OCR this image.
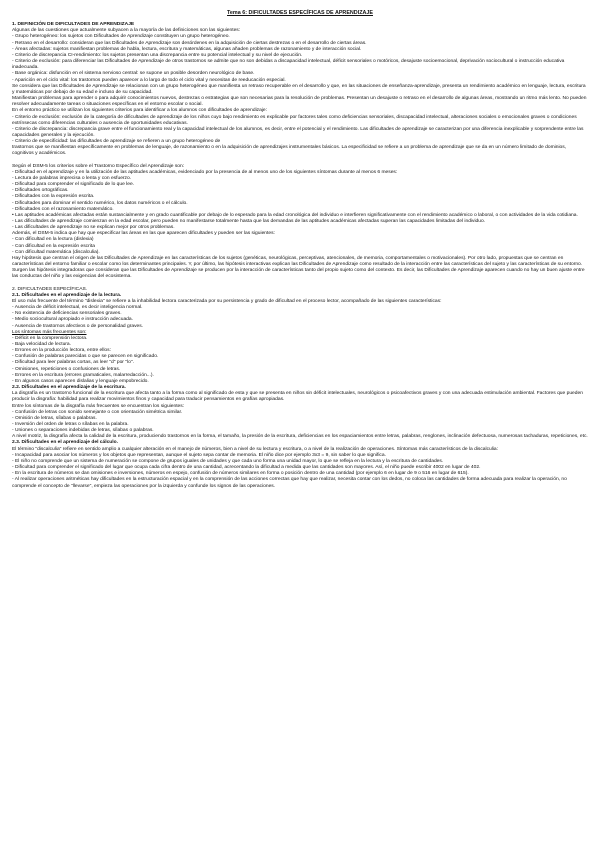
Tema 6: DIFICULTADES ESPECÍFICAS DE APRENDIZAJE

1. DEFINICIÓN DE DIFICULTADES DE APRENDIZAJE

Algunas de las cuestiones que actualmente subyacen a la mayoría de las definiciones son las siguientes:

- Grupo heterogéneo: los sujetos con Dificultades de Aprendizaje constituyen un grupo heterogéneo.

- Retraso en el desarrollo: consideran que las Dificultades de Aprendizaje son desórdenes en la adquisición de ciertas destrezas o en el desarrollo de ciertas áreas.

- Áreas afectadas: sujetos manifiestan problemas de habla, lectura, escritura y matemáticas, algunas añaden problemas de razonamiento y de interacción social.

- Criterio de discrepancia CI-rendimiento: los sujetos presentan una discrepancia entre su potencial intelectual y su nivel de ejecución.

- Criterio de exclusión: para diferenciar las Dificultades de Aprendizaje de otros trastornos se admite que no son debidas a discapacidad intelectual, déficit sensoriales o motóricos, desajuste socioemocional, deprivación sociocultural o instrucción educativa inadecuada.

- Base orgánica: disfunción en el sistema nervioso central: se supone un posible desorden neurológico de base.

- Aparición en el ciclo vital: los trastornos pueden aparecer a lo largo de todo el ciclo vital y necesitan de reeducación especial.

Se considera que las Dificultades de Aprendizaje se relacionan con un grupo heterogéneo que manifiesta un retraso recuperable en el desarrollo y que, en las situaciones de enseñanza-aprendizaje, presenta un rendimiento académico en lenguaje, lectura, escritura y matemáticas por debajo de su edad e incluso de su capacidad.

Manifiestan problemas para aprender o para adquirir conocimientos nuevos, destrezas o estrategias que son necesarias para la resolución de problemas. Presentan un desajuste o retraso en el desarrollo de algunas áreas, mostrando un ritmo más lento. No pueden resolver adecuadamente tareas o situaciones específicas en el entorno escolar o social.

En el entorno práctico se utilizan los siguientes criterios para identificar a los alumnos con dificultades de aprendizaje:

- Criterio de exclusión: exclusión de la categoría de dificultades de aprendizaje de los niños cuyo bajo rendimiento es explicable por factores tales como deficiencias sensoriales, discapacidad intelectual, alteraciones sociales o emocionales graves o condiciones extrínsecas como diferencias culturales o ausencia de oportunidades educativas.

- Criterio de discrepancia: discrepancia grave entre el funcionamiento real y la capacidad intelectual de los alumnos, es decir, entre el potencial y el rendimiento. Las dificultades de aprendizaje se caracterizan por una diferencia inexplicable y sorprendente entre las capacidades generales y la ejecución.

- Criterio de especificidad: las dificultades de aprendizaje se refieren a un grupo heterogéneo de

trastornos que se manifiestan específicamente en problemas de lenguaje, de razonamiento o en la adquisición de aprendizajes instrumentales básicos. La especificidad se refiere a un problema de aprendizaje que se da en un número limitado de dominios, cognitivos y académicos.

Según el DSM-5 los criterios sobre el Trastorno Específico del Aprendizaje son:

- Dificultad en el aprendizaje y en la utilización de las aptitudes académicas, evidenciado por la presencia de al menos uno de los siguientes síntomas durante al menos 6 meses:

- Lectura de palabras imprecisa o lenta y con esfuerzo.

- Dificultad para comprender el significado de lo que lee.

- Dificultades ortográficas.

- Dificultades con la expresión escrita.

- Dificultades para dominar el sentido numérico, los datos numéricos o el cálculo.

- Dificultades con el razonamiento matemático.

• Las aptitudes académicas afectadas están sustancialmente y en grado cuantificable por debajo de lo esperado para la edad cronológica del individuo e interfieren significativamente con el rendimiento académico o laboral, o con actividades de la vida cotidiana.

- Las dificultades de aprendizaje comienzan en la edad escolar, pero pueden no manifestarse totalmente hasta que las demandas de las aptitudes académicas afectadas superan las capacidades limitadas del individuo.

- Las dificultades de aprendizaje no se explican mejor por otros problemas.

Además, el DSM-5 indica que hay que especificar las áreas en las que aparecen dificultades y pueden ser las siguientes:

- Con dificultad en la lectura (dislexia)

- Con dificultad en la expresión escrita

- Con dificultad matemática (discalculia).

Hay hipótesis que centran el origen de las Dificultades de Aprendizaje en las características de los sujetos (genéticas, neurológicas, perceptivas, atencionales, de memoria, comportamentales o motivacionales). Por otro lado, propuestas que se centran en características del entorno familiar o escolar como los determinantes principales. Y, por último, las hipótesis interactivas explican las Dificultades de Aprendizaje como resultado de la interacción entre las características del sujeto y las características de su entorno.

Surgen las hipótesis integradoras que consideran que las Dificultades de Aprendizaje se producen por la interacción de características tanto del propio sujeto como del contexto. Es decir, las Dificultades de Aprendizaje aparecen cuando no hay un buen ajuste entre las conductas del niño y las exigencias del ecosistema.

2. DIFICULTADES ESPECÍFICAS.

2.1. Dificultades en el aprendizaje de la lectura.

El uso más frecuente del término "dislexia" se refiere a la inhabilidad lectora caracterizada por su persistencia y grado de dificultad en el proceso lector, acompañado de las siguientes características:

- Ausencia de déficit intelectual, es decir inteligencia normal.

- No existencia de deficiencias sensoriales graves.

- Medio sociocultural apropiado e instrucción adecuada.

- Ausencia de trastornos afectivos o de personalidad graves.

Los síntomas más frecuentes son:

- Déficit en la comprensión lectora.

- Baja velocidad de lectura.

- Errores en la producción lectora, entre ellos:

- Confusión de palabras parecidas o que se parecen en significado.

- Dificultad para leer palabras cortas, as leer "d" por "lo".

- Omisiones, repeticiones o confusiones de letras.

- Errores en la escritura (errores gramaticales, malarredacción...).

- En algunos casos aparecen dislalias y lenguaje empobrecido.

2.2. Dificultades en el aprendizaje de la escritura.

La disgrafía es un trastorno funcional de la escritura que afecta tanto a la forma como al significado de esta y que se presenta en niños sin déficit intelectuales, neurológicos o psicoafectivos graves y con una adecuada estimulación ambiental. Factores que pueden producir la disgrafía: habilidad para realizar movimientos finos y capacidad para traducir pensamientos en grafías apropiadas.

Entre los síntomas de la disgrafía más frecuentes se encuentran los siguientes:

- Confusión de letras con sonido semejante o con orientación simétrica similar.

- Omisión de letras, sílabas o palabras.

- Inversión del orden de letras o sílabas en la palabra.

- Uniones o separaciones indebidas de letras, sílabas o palabras.

A nivel motriz, la disgrafía afecta la calidad de la escritura, produciendo trastornos en la forma, el tamaño, la presión de la escritura, deficiencias en los espaciamientos entre letras, palabras, renglones, inclinación defectuosa, numerosas tachaduras, repeticiones, etc.

2.3. Dificultades en el aprendizaje del cálculo.

El término "discalculia" refiere en sentido amplio a cualquier alteración en el manejo de números, bien a nivel de su lectura y escritura, o a nivel de la realización de operaciones. Síntomas más característicos de la discalculia:

- Incapacidad para asociar los números y los objetos que representan, aunque el sujeto sepa contar de memoria. El niño dice por ejemplo 3x3 = 9, sin saber lo que significa.

- El niño no comprende que un sistema de numeración se compone de grupos iguales de unidades y que cada uno forma una unidad mayor, lo que se refleja en la lectura y la escritura de cantidades.

- Dificultad para comprender el significado del lugar que ocupa cada cifra dentro de una cantidad, acrecentando la dificultad a medida que las cantidades son mayores. Así, el niño puede escribir 4002 en lugar de 402.

- En la escritura de números se dan omisiones e inversiones, números en espejo, confusión de números similares en forma o posición dentro de una cantidad (por ejemplo 6 en lugar de 9 o 516 en lugar de 615).

- Al realizar operaciones aritméticas hay dificultades en la estructuración espacial y en la comprensión de las acciones correctas que hay que realizar, necesita contar con los dedos, no coloca las cantidades de forma adecuada para realizar la operación, no comprende el concepto de "llevarse", empieza las operaciones por la izquierda y confunde los signos de las operaciones.
